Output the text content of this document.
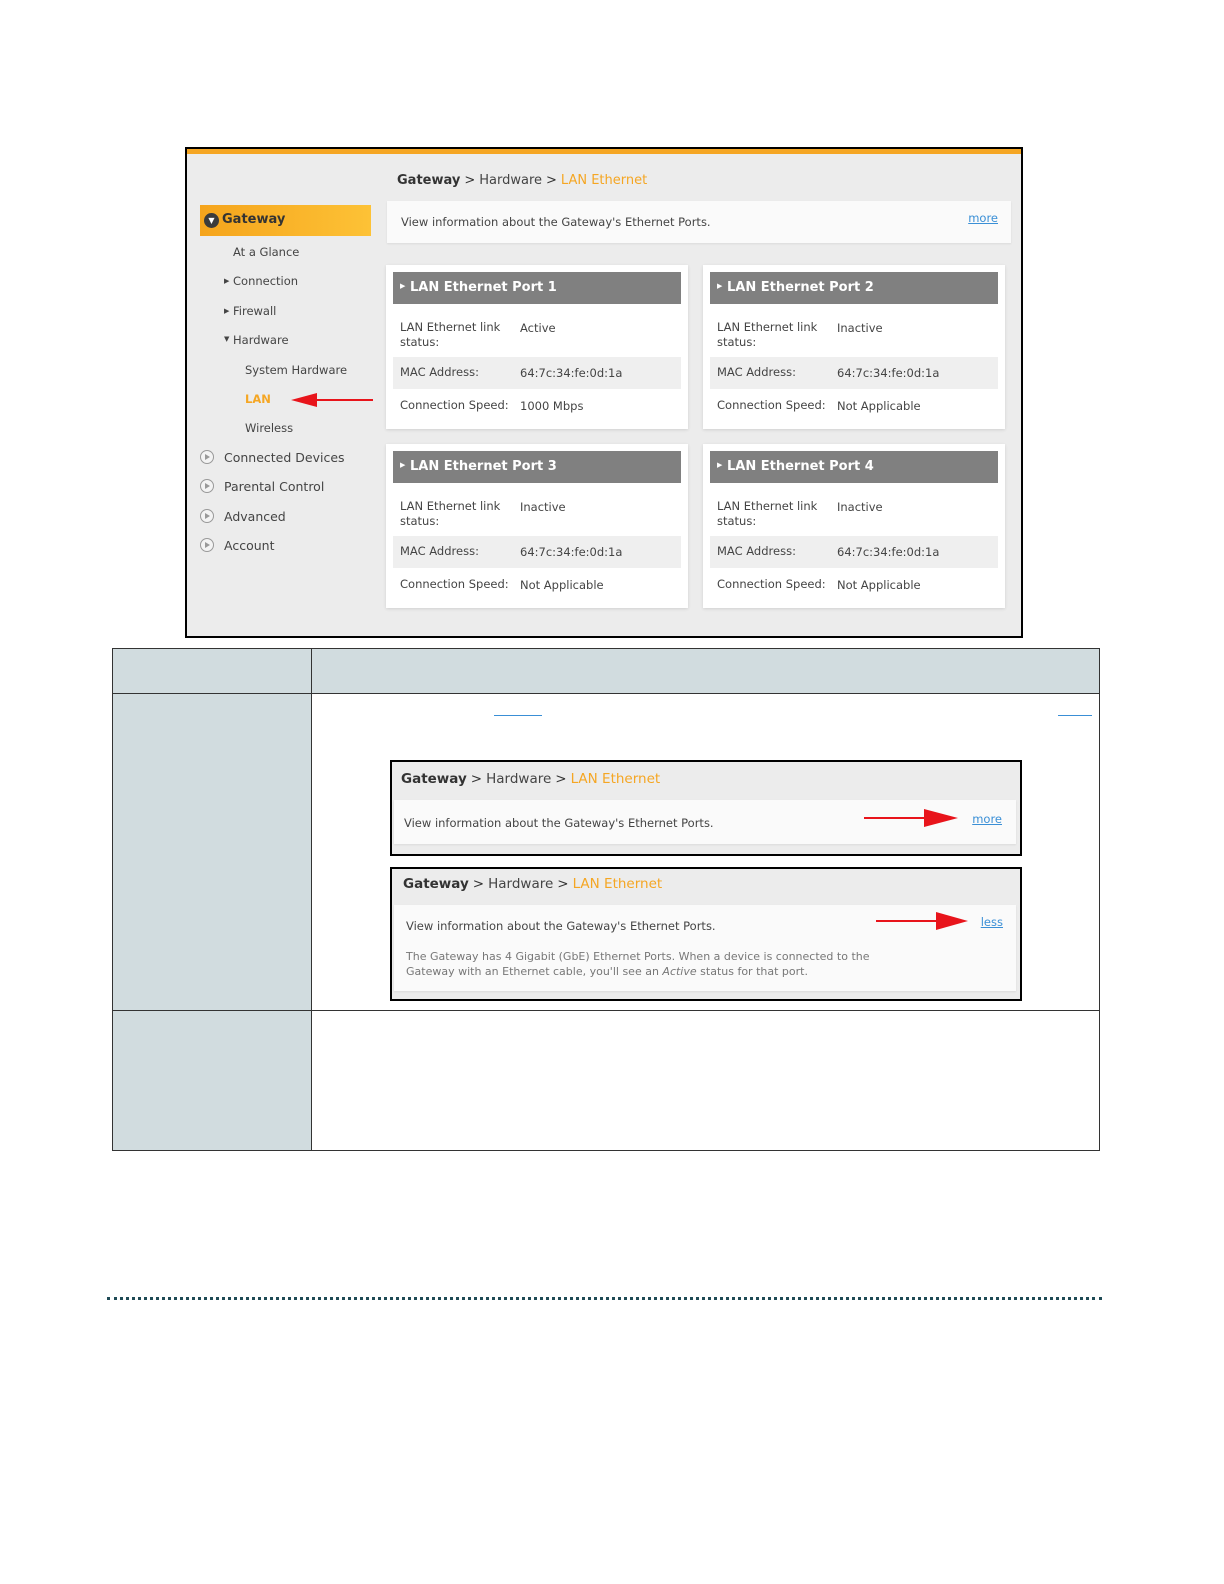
Gateway > Hardware > LAN Ethernet
View information about the Gateway's Ethernet Ports.	more
▼ Gateway
At a Glance
▶ Connection
▶ Firewall
▼ Hardware
System Hardware
LAN
Wireless
Connected Devices
Parental Control
Advanced
Account
▶ LAN Ethernet Port 1
LAN Ethernet link
status:
Active
MAC Address:	64:7c:34:fe:0d:1a
Connection Speed: 1000 Mbps
▶ LAN Ethernet Port 2
LAN Ethernet link
status:
Inactive
MAC Address:	64:7c:34:fe:0d:1a
Connection Speed: Not Applicable
▶ LAN Ethernet Port 3
LAN Ethernet link
status:
Inactive
MAC Address:	64:7c:34:fe:0d:1a
Connection Speed: Not Applicable
▶ LAN Ethernet Port 4
LAN Ethernet link
status:
Inactive
MAC Address:	64:7c:34:fe:0d:1a
Connection Speed: Not Applicable
Gateway > Hardware > LAN Ethernet
View information about the Gateway's Ethernet Ports.	more
Gateway > Hardware > LAN Ethernet
View information about the Gateway's Ethernet Ports.	less
The Gateway has 4 Gigabit (GbE) Ethernet Ports. When a device is connected to the
Gateway with an Ethernet cable, you'll see an Active status for that port.
